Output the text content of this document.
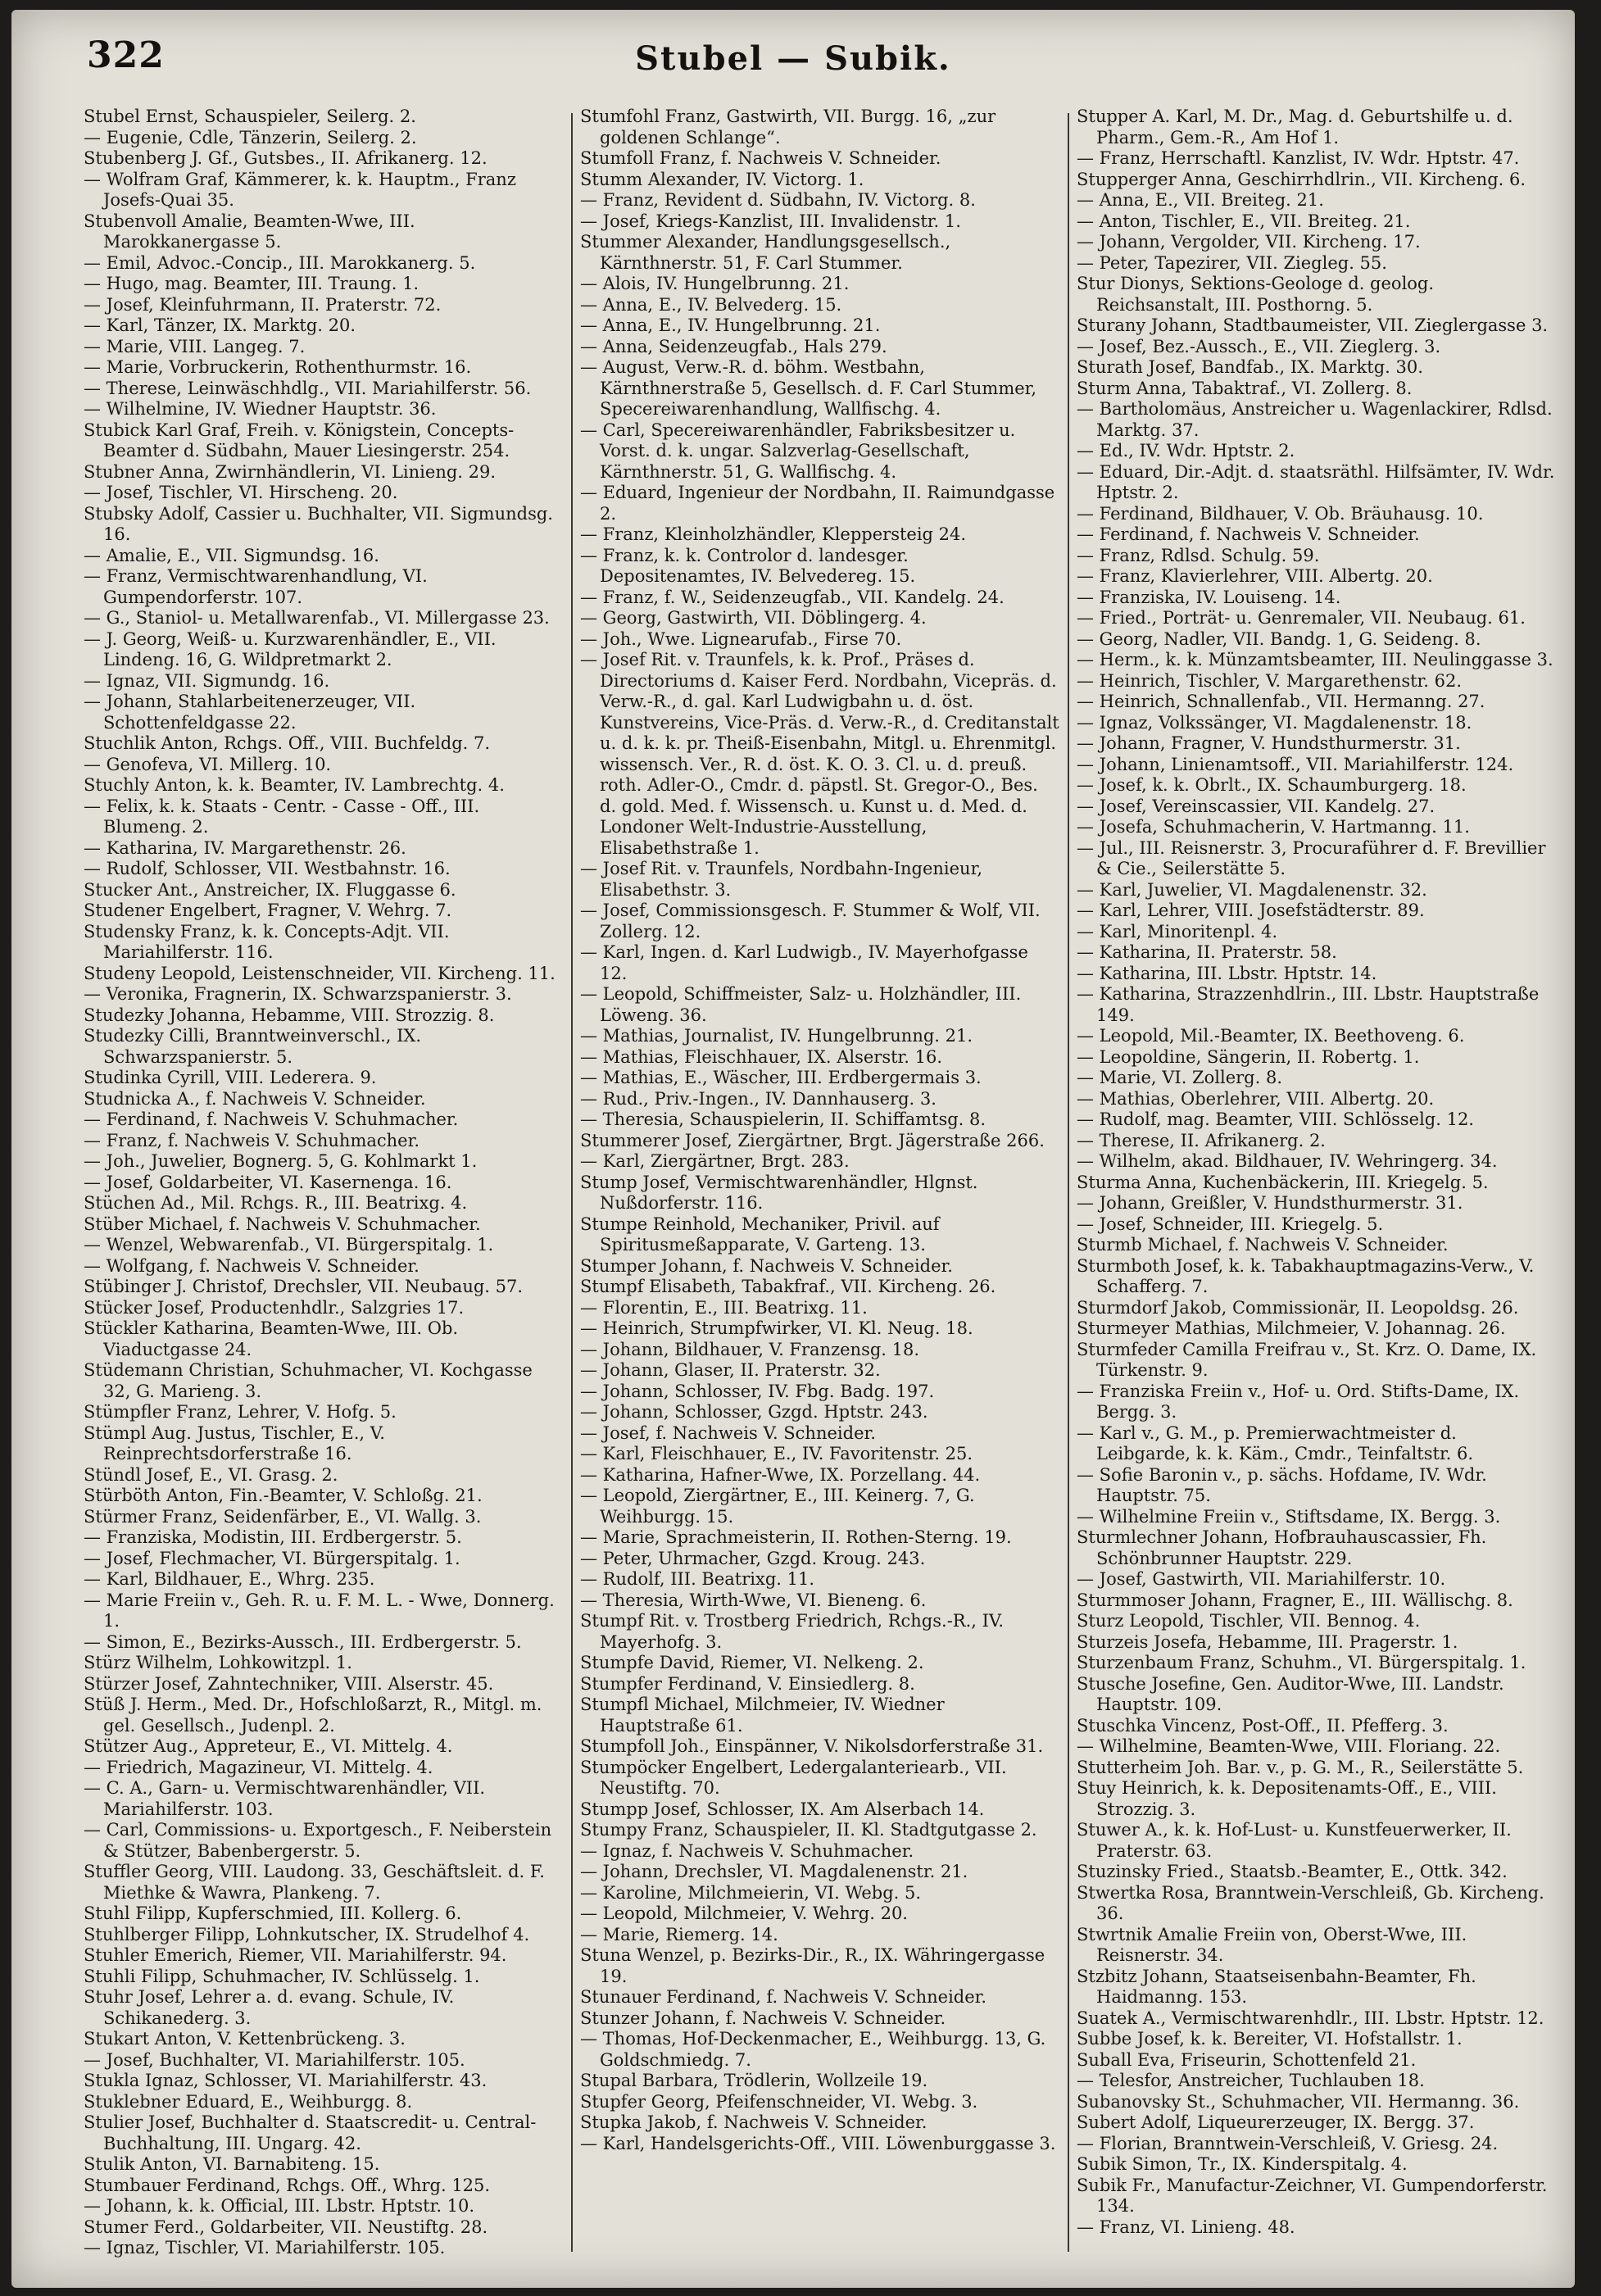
322	Stubel — Subik.
Stubel Ernst, Schauspieler, Seilerg. 2.
— Eugenie, Cdle, Tänzerin, Seilerg. 2.
Stubenberg J. Gf., Gutsbes., II. Afrikanerg. 12.
— Wolfram Graf, Kämmerer, k. k. Hauptm., Franz Josefs-Quai 35.
Stubenvoll Amalie, Beamten-Wwe, III. Marokkanergasse 5.
— Emil, Advoc.-Concip., III. Marokkanerg. 5.
— Hugo, mag. Beamter, III. Traung. 1.
— Josef, Kleinfuhrmann, II. Praterstr. 72.
— Karl, Tänzer, IX. Marktg. 20.
— Marie, VIII. Langeg. 7.
— Marie, Vorbruckerin, Rothenthurmstr. 16.
— Therese, Leinwäschhdlg., VII. Mariahilferstr. 56.
— Wilhelmine, IV. Wiedner Hauptstr. 36.
Stubick Karl Graf, Freih. v. Königstein, Concepts-Beamter d. Südbahn, Mauer Liesingerstr. 254.
Stubner Anna, Zwirnhändlerin, VI. Linieng. 29.
— Josef, Tischler, VI. Hirscheng. 20.
Stubsky Adolf, Cassier u. Buchhalter, VII. Sigmundsg. 16.
— Amalie, E., VII. Sigmundsg. 16.
— Franz, Vermischtwarenhandlung, VI. Gumpendorferstr. 107.
— G., Staniol- u. Metallwarenfab., VI. Millergasse 23.
— J. Georg, Weiß- u. Kurzwarenhändler, E., VII. Lindeng. 16, G. Wildpretmarkt 2.
— Ignaz, VII. Sigmundg. 16.
— Johann, Stahlarbeitenerzeuger, VII. Schottenfeldgasse 22.
Stuchlik Anton, Rchgs. Off., VIII. Buchfeldg. 7.
— Genofeva, VI. Millerg. 10.
Stuchly Anton, k. k. Beamter, IV. Lambrechtg. 4.
— Felix, k. k. Staats - Centr. - Casse - Off., III. Blumeng. 2.
— Katharina, IV. Margarethenstr. 26.
— Rudolf, Schlosser, VII. Westbahnstr. 16.
Stucker Ant., Anstreicher, IX. Fluggasse 6.
Studener Engelbert, Fragner, V. Wehrg. 7.
Studensky Franz, k. k. Concepts-Adjt. VII. Mariahilferstr. 116.
Studeny Leopold, Leistenschneider, VII. Kircheng. 11.
— Veronika, Fragnerin, IX. Schwarzspanierstr. 3.
Studezky Johanna, Hebamme, VIII. Strozzig. 8.
Studezky Cilli, Branntweinverschl., IX. Schwarzspanierstr. 5.
Studinka Cyrill, VIII. Lederera. 9.
Studnicka A., f. Nachweis V. Schneider.
— Ferdinand, f. Nachweis V. Schuhmacher.
— Franz, f. Nachweis V. Schuhmacher.
— Joh., Juwelier, Bognerg. 5, G. Kohlmarkt 1.
— Josef, Goldarbeiter, VI. Kasernenga. 16.
Stüchen Ad., Mil. Rchgs. R., III. Beatrixg. 4.
Stüber Michael, f. Nachweis V. Schuhmacher.
— Wenzel, Webwarenfab., VI. Bürgerspitalg. 1.
— Wolfgang, f. Nachweis V. Schneider.
Stübinger J. Christof, Drechsler, VII. Neubaug. 57.
Stücker Josef, Productenhdlr., Salzgries 17.
Stückler Katharina, Beamten-Wwe, III. Ob. Viaductgasse 24.
Stüdemann Christian, Schuhmacher, VI. Kochgasse 32, G. Marieng. 3.
Stümpfler Franz, Lehrer, V. Hofg. 5.
Stümpl Aug. Justus, Tischler, E., V. Reinprechtsdorferstraße 16.
Stündl Josef, E., VI. Grasg. 2.
Stürböth Anton, Fin.-Beamter, V. Schloßg. 21.
Stürmer Franz, Seidenfärber, E., VI. Wallg. 3.
— Franziska, Modistin, III. Erdbergerstr. 5.
— Josef, Flechmacher, VI. Bürgerspitalg. 1.
— Karl, Bildhauer, E., Whrg. 235.
— Marie Freiin v., Geh. R. u. F. M. L. - Wwe, Donnerg. 1.
— Simon, E., Bezirks-Aussch., III. Erdbergerstr. 5.
Stürz Wilhelm, Lohkowitzpl. 1.
Stürzer Josef, Zahntechniker, VIII. Alserstr. 45.
Stüß J. Herm., Med. Dr., Hofschloßarzt, R., Mitgl. m. gel. Gesellsch., Judenpl. 2.
Stützer Aug., Appreteur, E., VI. Mittelg. 4.
— Friedrich, Magazineur, VI. Mittelg. 4.
— C. A., Garn- u. Vermischtwarenhändler, VII. Mariahilferstr. 103.
— Carl, Commissions- u. Exportgesch., F. Neiberstein & Stützer, Babenbergerstr. 5.
Stuffler Georg, VIII. Laudong. 33, Geschäftsleit. d. F. Miethke & Wawra, Plankeng. 7.
Stuhl Filipp, Kupferschmied, III. Kollerg. 6.
Stuhlberger Filipp, Lohnkutscher, IX. Strudelhof 4.
Stuhler Emerich, Riemer, VII. Mariahilferstr. 94.
Stuhli Filipp, Schuhmacher, IV. Schlüsselg. 1.
Stuhr Josef, Lehrer a. d. evang. Schule, IV. Schikanederg. 3.
Stukart Anton, V. Kettenbrückeng. 3.
— Josef, Buchhalter, VI. Mariahilferstr. 105.
Stukla Ignaz, Schlosser, VI. Mariahilferstr. 43.
Stuklebner Eduard, E., Weihburgg. 8.
Stulier Josef, Buchhalter d. Staatscredit- u. Central-Buchhaltung, III. Ungarg. 42.
Stulik Anton, VI. Barnabiteng. 15.
Stumbauer Ferdinand, Rchgs. Off., Whrg. 125.
— Johann, k. k. Official, III. Lbstr. Hptstr. 10.
Stumer Ferd., Goldarbeiter, VII. Neustiftg. 28.
— Ignaz, Tischler, VI. Mariahilferstr. 105.
Stumfohl Franz, Gastwirth, VII. Burgg. 16, „zur goldenen Schlange“.
Stumfoll Franz, f. Nachweis V. Schneider.
Stumm Alexander, IV. Victorg. 1.
— Franz, Revident d. Südbahn, IV. Victorg. 8.
— Josef, Kriegs-Kanzlist, III. Invalidenstr. 1.
Stummer Alexander, Handlungsgesellsch., Kärnthnerstr. 51, F. Carl Stummer.
— Alois, IV. Hungelbrunng. 21.
— Anna, E., IV. Belvederg. 15.
— Anna, E., IV. Hungelbrunng. 21.
— Anna, Seidenzeugfab., Hals 279.
— August, Verw.-R. d. böhm. Westbahn, Kärnthnerstraße 5, Gesellsch. d. F. Carl Stummer, Specereiwarenhandlung, Wallfischg. 4.
— Carl, Specereiwarenhändler, Fabriksbesitzer u. Vorst. d. k. ungar. Salzverlag-Gesellschaft, Kärnthnerstr. 51, G. Wallfischg. 4.
— Eduard, Ingenieur der Nordbahn, II. Raimundgasse 2.
— Franz, Kleinholzhändler, Kleppersteig 24.
— Franz, k. k. Controlor d. landesger. Depositenamtes, IV. Belvedereg. 15.
— Franz, f. W., Seidenzeugfab., VII. Kandelg. 24.
— Georg, Gastwirth, VII. Döblingerg. 4.
— Joh., Wwe. Lignearufab., Firse 70.
— Josef Rit. v. Traunfels, k. k. Prof., Präses d. Directoriums d. Kaiser Ferd. Nordbahn, Vicepräs. d. Verw.-R., d. gal. Karl Ludwigbahn u. d. öst. Kunstvereins, Vice-Präs. d. Verw.-R., d. Creditanstalt u. d. k. k. pr. Theiß-Eisenbahn, Mitgl. u. Ehrenmitgl. wissensch. Ver., R. d. öst. K. O. 3. Cl. u. d. preuß. roth. Adler-O., Cmdr. d. päpstl. St. Gregor-O., Bes. d. gold. Med. f. Wissensch. u. Kunst u. d. Med. d. Londoner Welt-Industrie-Ausstellung, Elisabethstraße 1.
— Josef Rit. v. Traunfels, Nordbahn-Ingenieur, Elisabethstr. 3.
— Josef, Commissionsgesch. F. Stummer & Wolf, VII. Zollerg. 12.
— Karl, Ingen. d. Karl Ludwigb., IV. Mayerhofgasse 12.
— Leopold, Schiffmeister, Salz- u. Holzhändler, III. Löweng. 36.
— Mathias, Journalist, IV. Hungelbrunng. 21.
— Mathias, Fleischhauer, IX. Alserstr. 16.
— Mathias, E., Wäscher, III. Erdbergermais 3.
— Rud., Priv.-Ingen., IV. Dannhauserg. 3.
— Theresia, Schauspielerin, II. Schiffamtsg. 8.
Stummerer Josef, Ziergärtner, Brgt. Jägerstraße 266.
— Karl, Ziergärtner, Brgt. 283.
Stump Josef, Vermischtwarenhändler, Hlgnst. Nußdorferstr. 116.
Stumpe Reinhold, Mechaniker, Privil. auf Spiritusmeßapparate, V. Garteng. 13.
Stumper Johann, f. Nachweis V. Schneider.
Stumpf Elisabeth, Tabakfraf., VII. Kircheng. 26.
— Florentin, E., III. Beatrixg. 11.
— Heinrich, Strumpfwirker, VI. Kl. Neug. 18.
— Johann, Bildhauer, V. Franzensg. 18.
— Johann, Glaser, II. Praterstr. 32.
— Johann, Schlosser, IV. Fbg. Badg. 197.
— Johann, Schlosser, Gzgd. Hptstr. 243.
— Josef, f. Nachweis V. Schneider.
— Karl, Fleischhauer, E., IV. Favoritenstr. 25.
— Katharina, Hafner-Wwe, IX. Porzellang. 44.
— Leopold, Ziergärtner, E., III. Keinerg. 7, G. Weihburgg. 15.
— Marie, Sprachmeisterin, II. Rothen-Sterng. 19.
— Peter, Uhrmacher, Gzgd. Kroug. 243.
— Rudolf, III. Beatrixg. 11.
— Theresia, Wirth-Wwe, VI. Bieneng. 6.
Stumpf Rit. v. Trostberg Friedrich, Rchgs.-R., IV. Mayerhofg. 3.
Stumpfe David, Riemer, VI. Nelkeng. 2.
Stumpfer Ferdinand, V. Einsiedlerg. 8.
Stumpfl Michael, Milchmeier, IV. Wiedner Hauptstraße 61.
Stumpfoll Joh., Einspänner, V. Nikolsdorferstraße 31.
Stumpöcker Engelbert, Ledergalanteriearb., VII. Neustiftg. 70.
Stumpp Josef, Schlosser, IX. Am Alserbach 14.
Stumpy Franz, Schauspieler, II. Kl. Stadtgutgasse 2.
— Ignaz, f. Nachweis V. Schuhmacher.
— Johann, Drechsler, VI. Magdalenenstr. 21.
— Karoline, Milchmeierin, VI. Webg. 5.
— Leopold, Milchmeier, V. Wehrg. 20.
— Marie, Riemerg. 14.
Stuna Wenzel, p. Bezirks-Dir., R., IX. Währingergasse 19.
Stunauer Ferdinand, f. Nachweis V. Schneider.
Stunzer Johann, f. Nachweis V. Schneider.
— Thomas, Hof-Deckenmacher, E., Weihburgg. 13, G. Goldschmiedg. 7.
Stupal Barbara, Trödlerin, Wollzeile 19.
Stupfer Georg, Pfeifenschneider, VI. Webg. 3.
Stupka Jakob, f. Nachweis V. Schneider.
— Karl, Handelsgerichts-Off., VIII. Löwenburggasse 3.
Stupper A. Karl, M. Dr., Mag. d. Geburtshilfe u. d. Pharm., Gem.-R., Am Hof 1.
— Franz, Herrschaftl. Kanzlist, IV. Wdr. Hptstr. 47.
Stupperger Anna, Geschirrhdlrin., VII. Kircheng. 6.
— Anna, E., VII. Breiteg. 21.
— Anton, Tischler, E., VII. Breiteg. 21.
— Johann, Vergolder, VII. Kircheng. 17.
— Peter, Tapezirer, VII. Ziegleg. 55.
Stur Dionys, Sektions-Geologe d. geolog. Reichsanstalt, III. Posthorng. 5.
Sturany Johann, Stadtbaumeister, VII. Zieglergasse 3.
— Josef, Bez.-Aussch., E., VII. Zieglerg. 3.
Sturath Josef, Bandfab., IX. Marktg. 30.
Sturm Anna, Tabaktraf., VI. Zollerg. 8.
— Bartholomäus, Anstreicher u. Wagenlackirer, Rdlsd. Marktg. 37.
— Ed., IV. Wdr. Hptstr. 2.
— Eduard, Dir.-Adjt. d. staatsräthl. Hilfsämter, IV. Wdr. Hptstr. 2.
— Ferdinand, Bildhauer, V. Ob. Bräuhausg. 10.
— Ferdinand, f. Nachweis V. Schneider.
— Franz, Rdlsd. Schulg. 59.
— Franz, Klavierlehrer, VIII. Albertg. 20.
— Franziska, IV. Louiseng. 14.
— Fried., Porträt- u. Genremaler, VII. Neubaug. 61.
— Georg, Nadler, VII. Bandg. 1, G. Seideng. 8.
— Herm., k. k. Münzamtsbeamter, III. Neulinggasse 3.
— Heinrich, Tischler, V. Margarethenstr. 62.
— Heinrich, Schnallenfab., VII. Hermanng. 27.
— Ignaz, Volkssänger, VI. Magdalenenstr. 18.
— Johann, Fragner, V. Hundsthurmerstr. 31.
— Johann, Linienamtsoff., VII. Mariahilferstr. 124.
— Josef, k. k. Obrlt., IX. Schaumburgerg. 18.
— Josef, Vereinscassier, VII. Kandelg. 27.
— Josefa, Schuhmacherin, V. Hartmanng. 11.
— Jul., III. Reisnerstr. 3, Procuraführer d. F. Brevillier & Cie., Seilerstätte 5.
— Karl, Juwelier, VI. Magdalenenstr. 32.
— Karl, Lehrer, VIII. Josefstädterstr. 89.
— Karl, Minoritenpl. 4.
— Katharina, II. Praterstr. 58.
— Katharina, III. Lbstr. Hptstr. 14.
— Katharina, Strazzenhdlrin., III. Lbstr. Hauptstraße 149.
— Leopold, Mil.-Beamter, IX. Beethoveng. 6.
— Leopoldine, Sängerin, II. Robertg. 1.
— Marie, VI. Zollerg. 8.
— Mathias, Oberlehrer, VIII. Albertg. 20.
— Rudolf, mag. Beamter, VIII. Schlösselg. 12.
— Therese, II. Afrikanerg. 2.
— Wilhelm, akad. Bildhauer, IV. Wehringerg. 34.
Sturma Anna, Kuchenbäckerin, III. Kriegelg. 5.
— Johann, Greißler, V. Hundsthurmerstr. 31.
— Josef, Schneider, III. Kriegelg. 5.
Sturmb Michael, f. Nachweis V. Schneider.
Sturmboth Josef, k. k. Tabakhauptmagazins-Verw., V. Schafferg. 7.
Sturmdorf Jakob, Commissionär, II. Leopoldsg. 26.
Sturmeyer Mathias, Milchmeier, V. Johannag. 26.
Sturmfeder Camilla Freifrau v., St. Krz. O. Dame, IX. Türkenstr. 9.
— Franziska Freiin v., Hof- u. Ord. Stifts-Dame, IX. Bergg. 3.
— Karl v., G. M., p. Premierwachtmeister d. Leibgarde, k. k. Käm., Cmdr., Teinfaltstr. 6.
— Sofie Baronin v., p. sächs. Hofdame, IV. Wdr. Hauptstr. 75.
— Wilhelmine Freiin v., Stiftsdame, IX. Bergg. 3.
Sturmlechner Johann, Hofbrauhauscassier, Fh. Schönbrunner Hauptstr. 229.
— Josef, Gastwirth, VII. Mariahilferstr. 10.
Sturmmoser Johann, Fragner, E., III. Wällischg. 8.
Sturz Leopold, Tischler, VII. Bennog. 4.
Sturzeis Josefa, Hebamme, III. Pragerstr. 1.
Sturzenbaum Franz, Schuhm., VI. Bürgerspitalg. 1.
Stusche Josefine, Gen. Auditor-Wwe, III. Landstr. Hauptstr. 109.
Stuschka Vincenz, Post-Off., II. Pfefferg. 3.
— Wilhelmine, Beamten-Wwe, VIII. Floriang. 22.
Stutterheim Joh. Bar. v., p. G. M., R., Seilerstätte 5.
Stuy Heinrich, k. k. Depositenamts-Off., E., VIII. Strozzig. 3.
Stuwer A., k. k. Hof-Lust- u. Kunstfeuerwerker, II. Praterstr. 63.
Stuzinsky Fried., Staatsb.-Beamter, E., Ottk. 342.
Stwertka Rosa, Branntwein-Verschleiß, Gb. Kircheng. 36.
Stwrtnik Amalie Freiin von, Oberst-Wwe, III. Reisnerstr. 34.
Stzbitz Johann, Staatseisenbahn-Beamter, Fh. Haidmanng. 153.
Suatek A., Vermischtwarenhdlr., III. Lbstr. Hptstr. 12.
Subbe Josef, k. k. Bereiter, VI. Hofstallstr. 1.
Suball Eva, Friseurin, Schottenfeld 21.
— Telesfor, Anstreicher, Tuchlauben 18.
Subanovsky St., Schuhmacher, VII. Hermanng. 36.
Subert Adolf, Liqueurerzeuger, IX. Bergg. 37.
— Florian, Branntwein-Verschleiß, V. Griesg. 24.
Subik Simon, Tr., IX. Kinderspitalg. 4.
Subik Fr., Manufactur-Zeichner, VI. Gumpendorferstr. 134.
— Franz, VI. Linieng. 48.
